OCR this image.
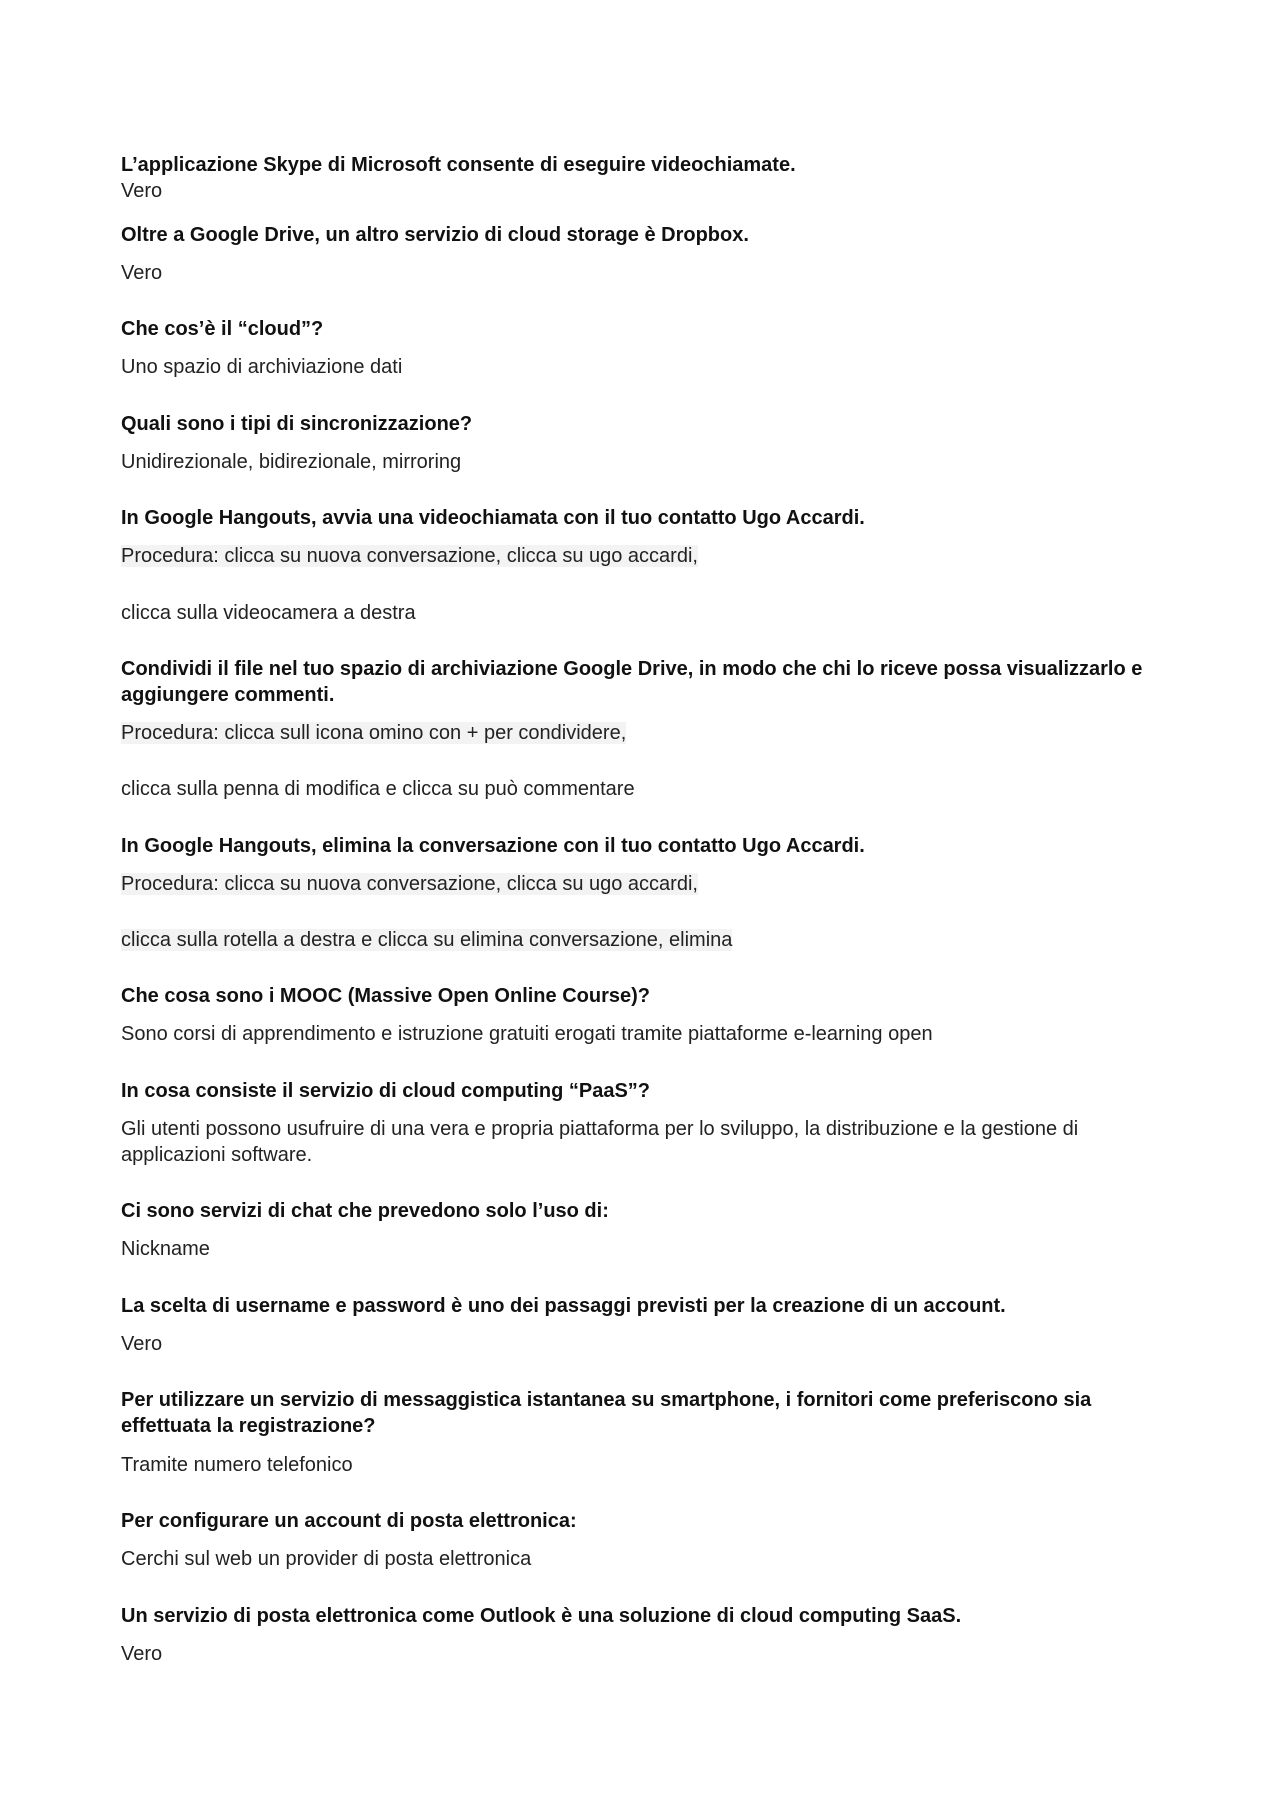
L’applicazione Skype di Microsoft consente di eseguire videochiamate.
Vero
Oltre a Google Drive, un altro servizio di cloud storage è Dropbox.
Vero
Che cos’è il “cloud”?
Uno spazio di archiviazione dati
Quali sono i tipi di sincronizzazione?
Unidirezionale, bidirezionale, mirroring
In Google Hangouts, avvia una videochiamata con il tuo contatto Ugo Accardi.
Procedura: clicca su nuova conversazione, clicca su ugo accardi,
clicca sulla videocamera a destra
Condividi il file nel tuo spazio di archiviazione Google Drive, in modo che chi lo riceve possa visualizzarlo e aggiungere commenti.
Procedura: clicca sull icona omino con + per condividere,
clicca sulla penna di modifica e clicca su può commentare
In Google Hangouts, elimina la conversazione con il tuo contatto Ugo Accardi.
Procedura: clicca su nuova conversazione, clicca su ugo accardi,
clicca sulla rotella a destra e clicca su elimina conversazione, elimina
Che cosa sono i MOOC (Massive Open Online Course)?
Sono corsi di apprendimento e istruzione gratuiti erogati tramite piattaforme e-learning open
In cosa consiste il servizio di cloud computing “PaaS”?
Gli utenti possono usufruire di una vera e propria piattaforma per lo sviluppo, la distribuzione e la gestione di applicazioni software.
Ci sono servizi di chat che prevedono solo l’uso di:
Nickname
La scelta di username e password è uno dei passaggi previsti per la creazione di un account.
Vero
Per utilizzare un servizio di messaggistica istantanea su smartphone, i fornitori come preferiscono sia effettuata la registrazione?
Tramite numero telefonico
Per configurare un account di posta elettronica:
Cerchi sul web un provider di posta elettronica
Un servizio di posta elettronica come Outlook è una soluzione di cloud computing SaaS.
Vero
